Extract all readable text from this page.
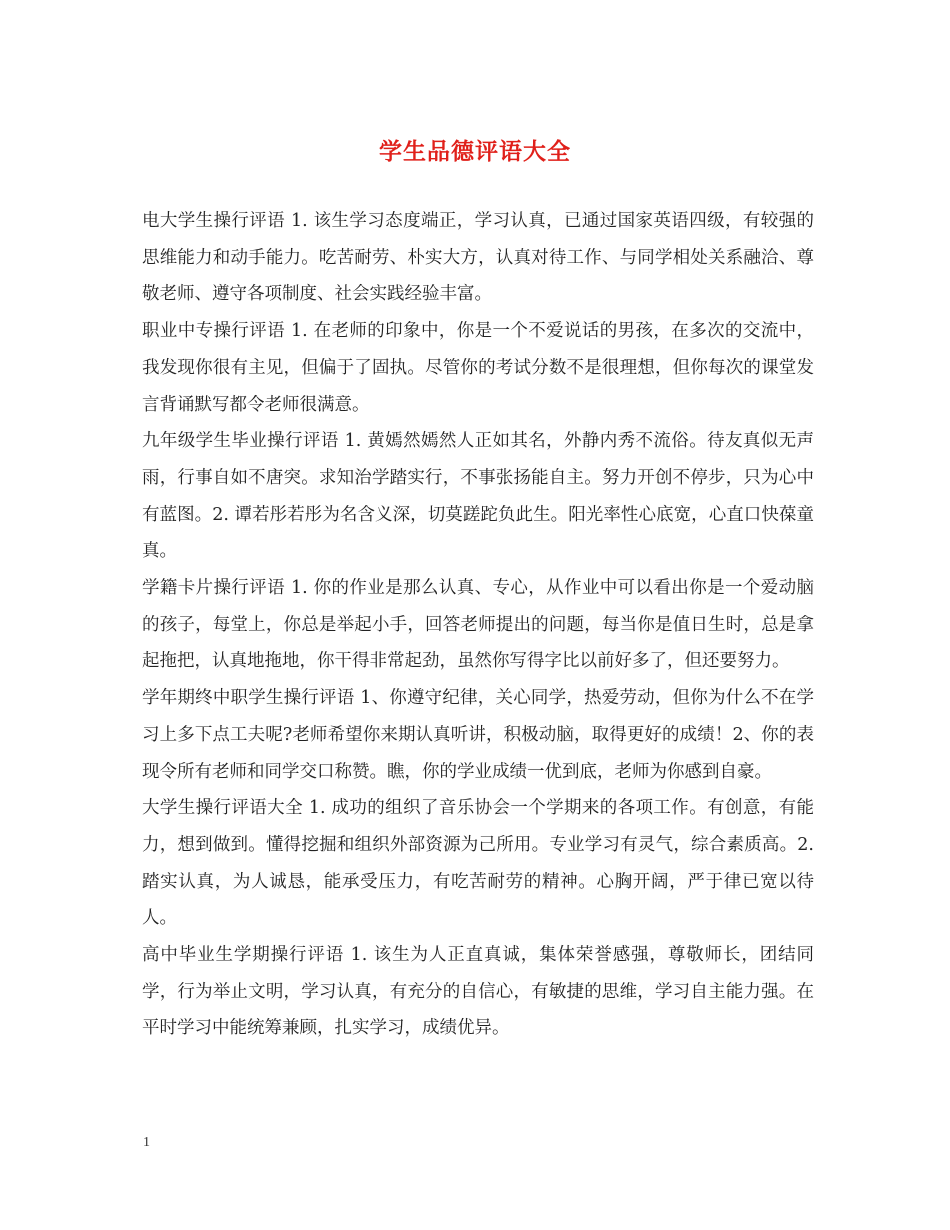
学生品德评语大全

电大学生操行评语 1. 该生学习态度端正，学习认真，已通过国家英语四级，有较强的思维能力和动手能力。吃苦耐劳、朴实大方，认真对待工作、与同学相处关系融洽、尊敬老师、遵守各项制度、社会实践经验丰富。

职业中专操行评语 1. 在老师的印象中，你是一个不爱说话的男孩，在多次的交流中，我发现你很有主见，但偏于了固执。尽管你的考试分数不是很理想，但你每次的课堂发言背诵默写都令老师很满意。

九年级学生毕业操行评语 1. 黄嫣然嫣然人正如其名，外静内秀不流俗。待友真似无声雨，行事自如不唐突。求知治学踏实行，不事张扬能自主。努力开创不停步，只为心中有蓝图。2. 谭若彤若彤为名含义深，切莫蹉跎负此生。阳光率性心底宽，心直口快葆童真。

学籍卡片操行评语 1. 你的作业是那么认真、专心，从作业中可以看出你是一个爱动脑的孩子，每堂上，你总是举起小手，回答老师提出的问题，每当你是值日生时，总是拿起拖把，认真地拖地，你干得非常起劲，虽然你写得字比以前好多了，但还要努力。

学年期终中职学生操行评语 1、你遵守纪律，关心同学，热爱劳动，但你为什么不在学习上多下点工夫呢?老师希望你来期认真听讲，积极动脑，取得更好的成绩！2、你的表现令所有老师和同学交口称赞。瞧，你的学业成绩一优到底，老师为你感到自豪。

大学生操行评语大全 1. 成功的组织了音乐协会一个学期来的各项工作。有创意，有能力，想到做到。懂得挖掘和组织外部资源为己所用。专业学习有灵气，综合素质高。2. 踏实认真，为人诚恳，能承受压力，有吃苦耐劳的精神。心胸开阔，严于律已宽以待人。

高中毕业生学期操行评语 1. 该生为人正直真诚，集体荣誉感强，尊敬师长，团结同学，行为举止文明，学习认真，有充分的自信心，有敏捷的思维，学习自主能力强。在平时学习中能统筹兼顾，扎实学习，成绩优异。

1
